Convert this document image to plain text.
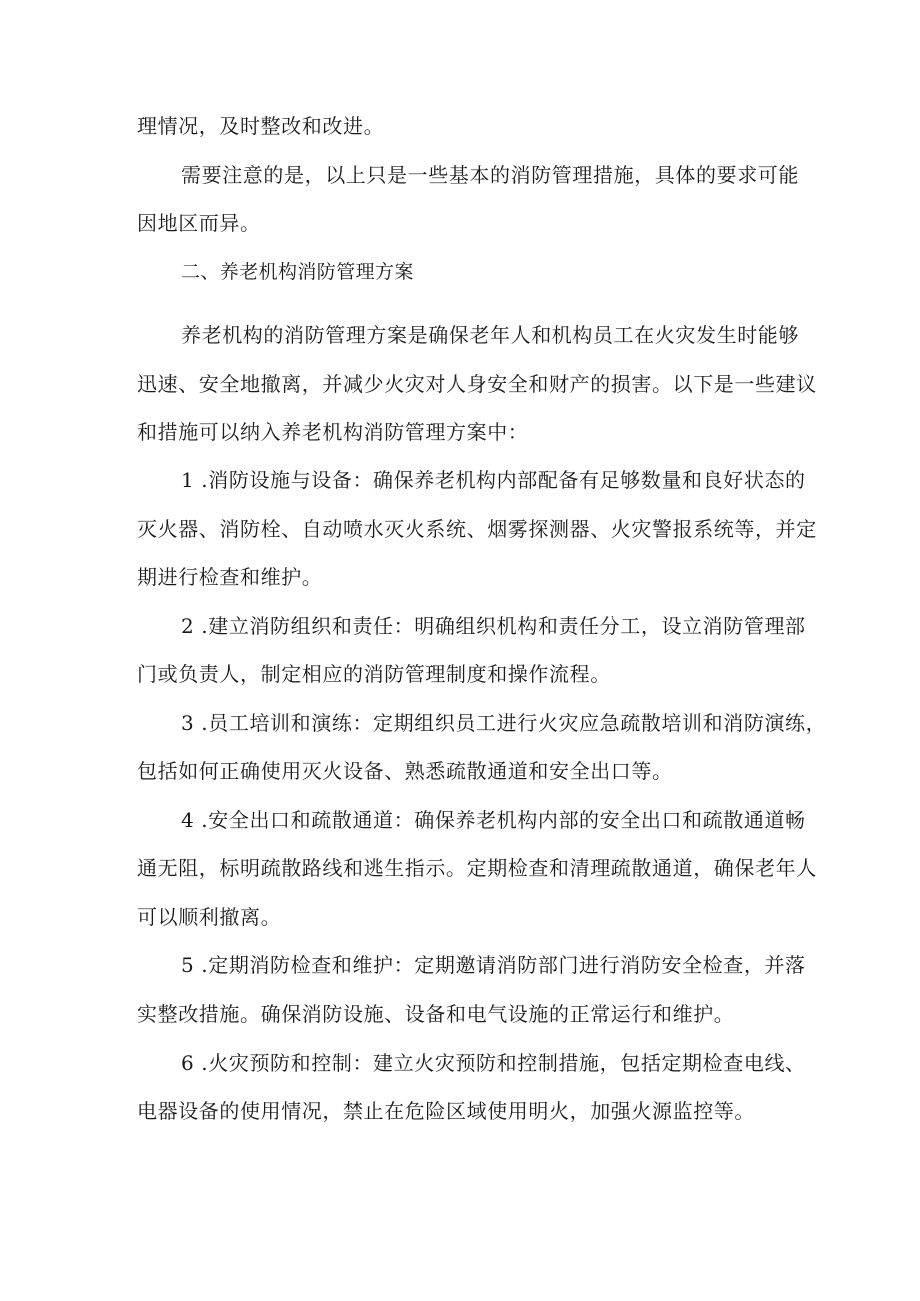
理情况，及时整改和改进。

需要注意的是，以上只是一些基本的消防管理措施，具体的要求可能

因地区而异。

二、养老机构消防管理方案

养老机构的消防管理方案是确保老年人和机构员工在火灾发生时能够

迅速、安全地撤离，并减少火灾对人身安全和财产的损害。以下是一些建议

和措施可以纳入养老机构消防管理方案中：

1 .消防设施与设备：确保养老机构内部配备有足够数量和良好状态的

灭火器、消防栓、自动喷水灭火系统、烟雾探测器、火灾警报系统等，并定

期进行检查和维护。

2 .建立消防组织和责任：明确组织机构和责任分工，设立消防管理部

门或负责人，制定相应的消防管理制度和操作流程。

3 .员工培训和演练：定期组织员工进行火灾应急疏散培训和消防演练，

包括如何正确使用灭火设备、熟悉疏散通道和安全出口等。

4 .安全出口和疏散通道：确保养老机构内部的安全出口和疏散通道畅

通无阻，标明疏散路线和逃生指示。定期检查和清理疏散通道，确保老年人

可以顺利撤离。

5 .定期消防检查和维护：定期邀请消防部门进行消防安全检查，并落

实整改措施。确保消防设施、设备和电气设施的正常运行和维护。

6 .火灾预防和控制：建立火灾预防和控制措施，包括定期检查电线、

电器设备的使用情况，禁止在危险区域使用明火，加强火源监控等。
